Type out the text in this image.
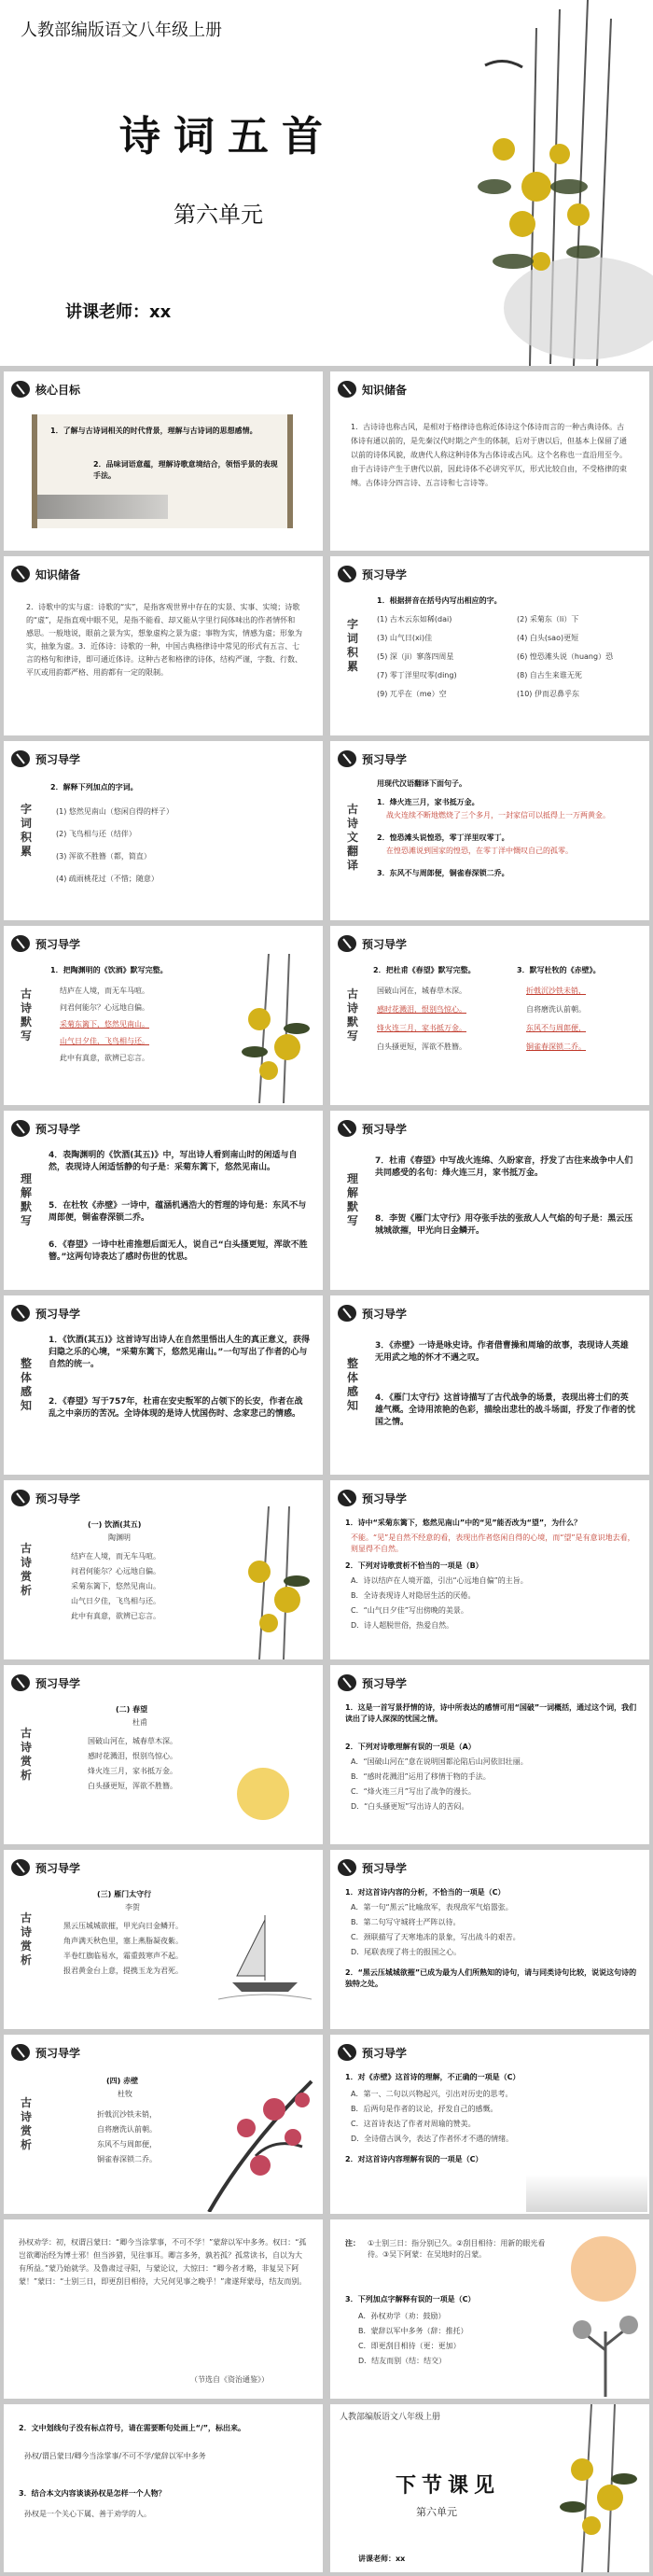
人教部编版语文八年级上册
诗词五首
第六单元
讲课老师：xx
核心目标
1．了解与古诗词相关的时代背景，理解与古诗词的思想感情。
2．品味词语意蕴，理解诗歌意境结合，领悟乎景的表现手法。
知识储备
1．古诗诗也称古风，是相对于格律诗也称近体诗这个体诗而言的一种古典诗体。古体诗有通以前的，是先秦汉代时期之产生的体制，后对于唐以后，但基本上保留了通以前的诗体风貌，故唐代人称这种诗体为古体诗或古风。这个名称也一直沿用至今。由于古诗诗产生于唐代以前，因此诗体不必讲究平仄，形式比较自由，不受格律的束缚。古体诗分四言诗、五言诗和七言诗等。
知识储备
2．诗歌中的实与虚：诗歌的“实”，是指客观世界中存在的实景、实事、实境；诗歌的“虚”，是指直观中眼不见，是指不能看、却又能从字里行间体味出的作者情怀和感思。一般地说，眼前之景为实，想象虚构之景为虚；事物为实，情感为虚；形象为实，抽象为虚。3．近体诗：诗歌的一种，中国古典格律诗中常见的形式有五言、七言的格句和律诗，即可通近体诗。这种古老和格律的诗体，结构严谨，字数、行数、平仄或用韵都严格、用韵都有一定的限制。
预习导学
字词积累
1．根据拼音在括号内写出相应的字。
(1) 古木云东如稀(dai)	(2) 采菊东（li）下
(3) 山气日(xi)佳	(4) 白头(sao)更短
(5) 深（ji）寥落四周星	(6) 惶恐滩头说（huang）恐
(7) 零丁洋里叹零(ding)	(8) 自古生来谁无死
(9) 兀乎在（me）空	(10) 伊而忍鼻乎东
预习导学
字词积累
2．解释下列加点的字词。
(1) 悠然见南山（悠闲自得的样子）
(2) 飞鸟相与还（结伴）
(3) 浑欲不胜簪（都，简直）
(4) 疏雨桃花过（不惜；随意）
预习导学
古诗文翻译
用现代汉语翻译下面句子。
1．烽火连三月，家书抵万金。
战火连续不断地燃烧了三个多月，一封家信可以抵得上一万两黄金。
2．惶恐滩头说惶恐，零丁洋里叹零丁。
在惶恐滩说到国家的惶恐，在零丁洋中慨叹自己的孤零。
3．东风不与周郎便，铜雀春深锁二乔。
预习导学
古诗默写
1．把陶渊明的《饮酒》默写完整。
结庐在人境，而无车马喧。
问君何能尔？心远地自偏。
采菊东篱下，悠然见南山。
山气日夕佳，飞鸟相与还。
此中有真意，欲辨已忘言。
预习导学
古诗默写
2．把杜甫《春望》默写完整。	3．默写杜牧的《赤壁》。
国破山河在，城春草木深。
感时花溅泪，恨别鸟惊心。
烽火连三月，家书抵万金。
白头搔更短，浑欲不胜簪。
折戟沉沙铁未销，
自将磨洗认前朝。
东风不与周郎便，
铜雀春深锁二乔。
预习导学
理解默写
4．表陶渊明的《饮酒(其五)》中，写出诗人看到南山时的闲适与自然，表现诗人闲适恬静的句子是：采菊东篱下，悠然见南山。
5．在杜牧《赤壁》一诗中，蕴涵机遇浩大的哲理的诗句是：东风不与周郎便，铜雀春深锁二乔。
6．《春望》一诗中杜甫推想后面无人，说自己“白头搔更短，浑欲不胜簪。”这两句诗表达了感时伤世的忧思。
预习导学
理解默写
7．杜甫《春望》中写战火连绵、久盼家音，抒发了古往来战争中人们共同感受的名句：烽火连三月，家书抵万金。
8．李贺《雁门太守行》用夺张手法的张敌人人气焰的句子是：黑云压城城欲摧，甲光向日金鳞开。
预习导学
整体感知
1．《饮酒(其五)》这首诗写出诗人在自然里悟出人生的真正意义，获得归隐之乐的心境，“采菊东篱下，悠然见南山。”一句写出了作者的心与自然的统一。
2．《春望》写于757年，杜甫在安史叛军的占领下的长安，作者在战乱之中亲历的苦况。全诗体现的是诗人忧国伤时、念家悲己的情感。
预习导学
整体感知
3．《赤壁》一诗是咏史诗。作者借曹操和周瑜的故事，表现诗人英雄无用武之地的怀才不遇之叹。
4．《雁门太守行》这首诗描写了古代战争的场景，表现出将士们的英雄气概。全诗用浓艳的色彩，描绘出悲壮的战斗场面，抒发了作者的忧国之情。
预习导学
古诗赏析
(一) 饮酒(其五)
陶渊明
结庐在人境，而无车马喧。
问君何能尔？心远地自偏。
采菊东篱下，悠然见南山。
山气日夕佳，飞鸟相与还。
此中有真意，欲辨已忘言。
预习导学
1．诗中“采菊东篱下，悠然见南山”中的“见”能否改为“望”，为什么？
不能。“见”是自然不经意的看，表现出作者悠闲自得的心境，而“望”是有意识地去看，则显得不自然。
2．下列对诗歌赏析不恰当的一项是（B）
A．诗以结庐在人境开篇，引出“心远地自偏”的主旨。
B．全诗表现诗人对隐居生活的厌倦。
C．“山气日夕佳”写出傍晚的美景。
D．诗人超脱世俗，热爱自然。
预习导学
古诗赏析
(二) 春望
杜甫
国破山河在，城春草木深。
感时花溅泪，恨别鸟惊心。
烽火连三月，家书抵万金。
白头搔更短，浑欲不胜簪。
预习导学
1．这是一首写景抒情的诗，诗中所表达的感情可用“国破”一词概括，通过这个词，我们读出了诗人深深的忧国之情。
2．下列对诗歌理解有误的一项是（A）
A．“国破山河在”意在说明国都沦陷后山河依旧壮丽。
B．“感时花溅泪”运用了移情于物的手法。
C．“烽火连三月”写出了战争的漫长。
D．“白头搔更短”写出诗人的苦闷。
预习导学
古诗赏析
(三) 雁门太守行
李贺
黑云压城城欲摧，甲光向日金鳞开。
角声满天秋色里，塞上燕脂凝夜紫。
半卷红旗临易水，霜重鼓寒声不起。
报君黄金台上意，提携玉龙为君死。
预习导学
1．对这首诗内容的分析，不恰当的一项是（C）
A．第一句“黑云”比喻敌军，表现敌军气焰嚣张。
B．第二句写守城将士严阵以待。
C．颈联描写了天寒地冻的景象，写出战斗的艰苦。
D．尾联表现了将士的报国之心。
2．“黑云压城城欲摧”已成为最为人们所熟知的诗句，请与同类诗句比较，说说这句诗的独特之处。
预习导学
古诗赏析
(四) 赤壁
杜牧
折戟沉沙铁未销，
自将磨洗认前朝。
东风不与周郎便，
铜雀春深锁二乔。
预习导学
1．对《赤壁》这首诗的理解，不正确的一项是（C）
A．第一、二句以兴物起兴，引出对历史的思考。
B．后两句是作者的议论，抒发自己的感慨。
C．这首诗表达了作者对周瑜的赞美。
D．全诗借古讽今，表达了作者怀才不遇的情绪。
2．对这首诗内容理解有误的一项是（C）
孙权劝学：初，权谓吕蒙曰：“卿今当涂掌事，不可不学！”蒙辞以军中多务。权曰：“孤岂欲卿治经为博士邪！但当涉猎，见往事耳。卿言多务，孰若孤？孤常读书，自以为大有所益。”蒙乃始就学。及鲁肃过寻阳，与蒙论议，大惊曰：“卿今者才略，非复吴下阿蒙！”蒙曰：“士别三日，即更刮目相待，大兄何见事之晚乎！”肃遂拜蒙母，结友而别。
（节选自《资治通鉴》）
注： ①士别三日：指分别已久。②刮目相待：用新的眼光看待。③吴下阿蒙：在吴地时的吕蒙。
3．下列加点字解释有误的一项是（C）
A．孙权劝学（劝：鼓励）
B．蒙辞以军中多务（辞：推托）
C．即更刮目相待（更：更加）
D．结友而别（结：结交）
2．文中划线句子没有标点符号，请在需要断句处画上“/”，标出来。
孙权/谓吕蒙曰/卿今当涂掌事/不可不学/蒙辞以军中多务
3．结合本文内容谈谈孙权是怎样一个人物？
孙权是一个关心下属、善于劝学的人。
人教部编版语文八年级上册
下节课见
第六单元
讲课老师：xx
